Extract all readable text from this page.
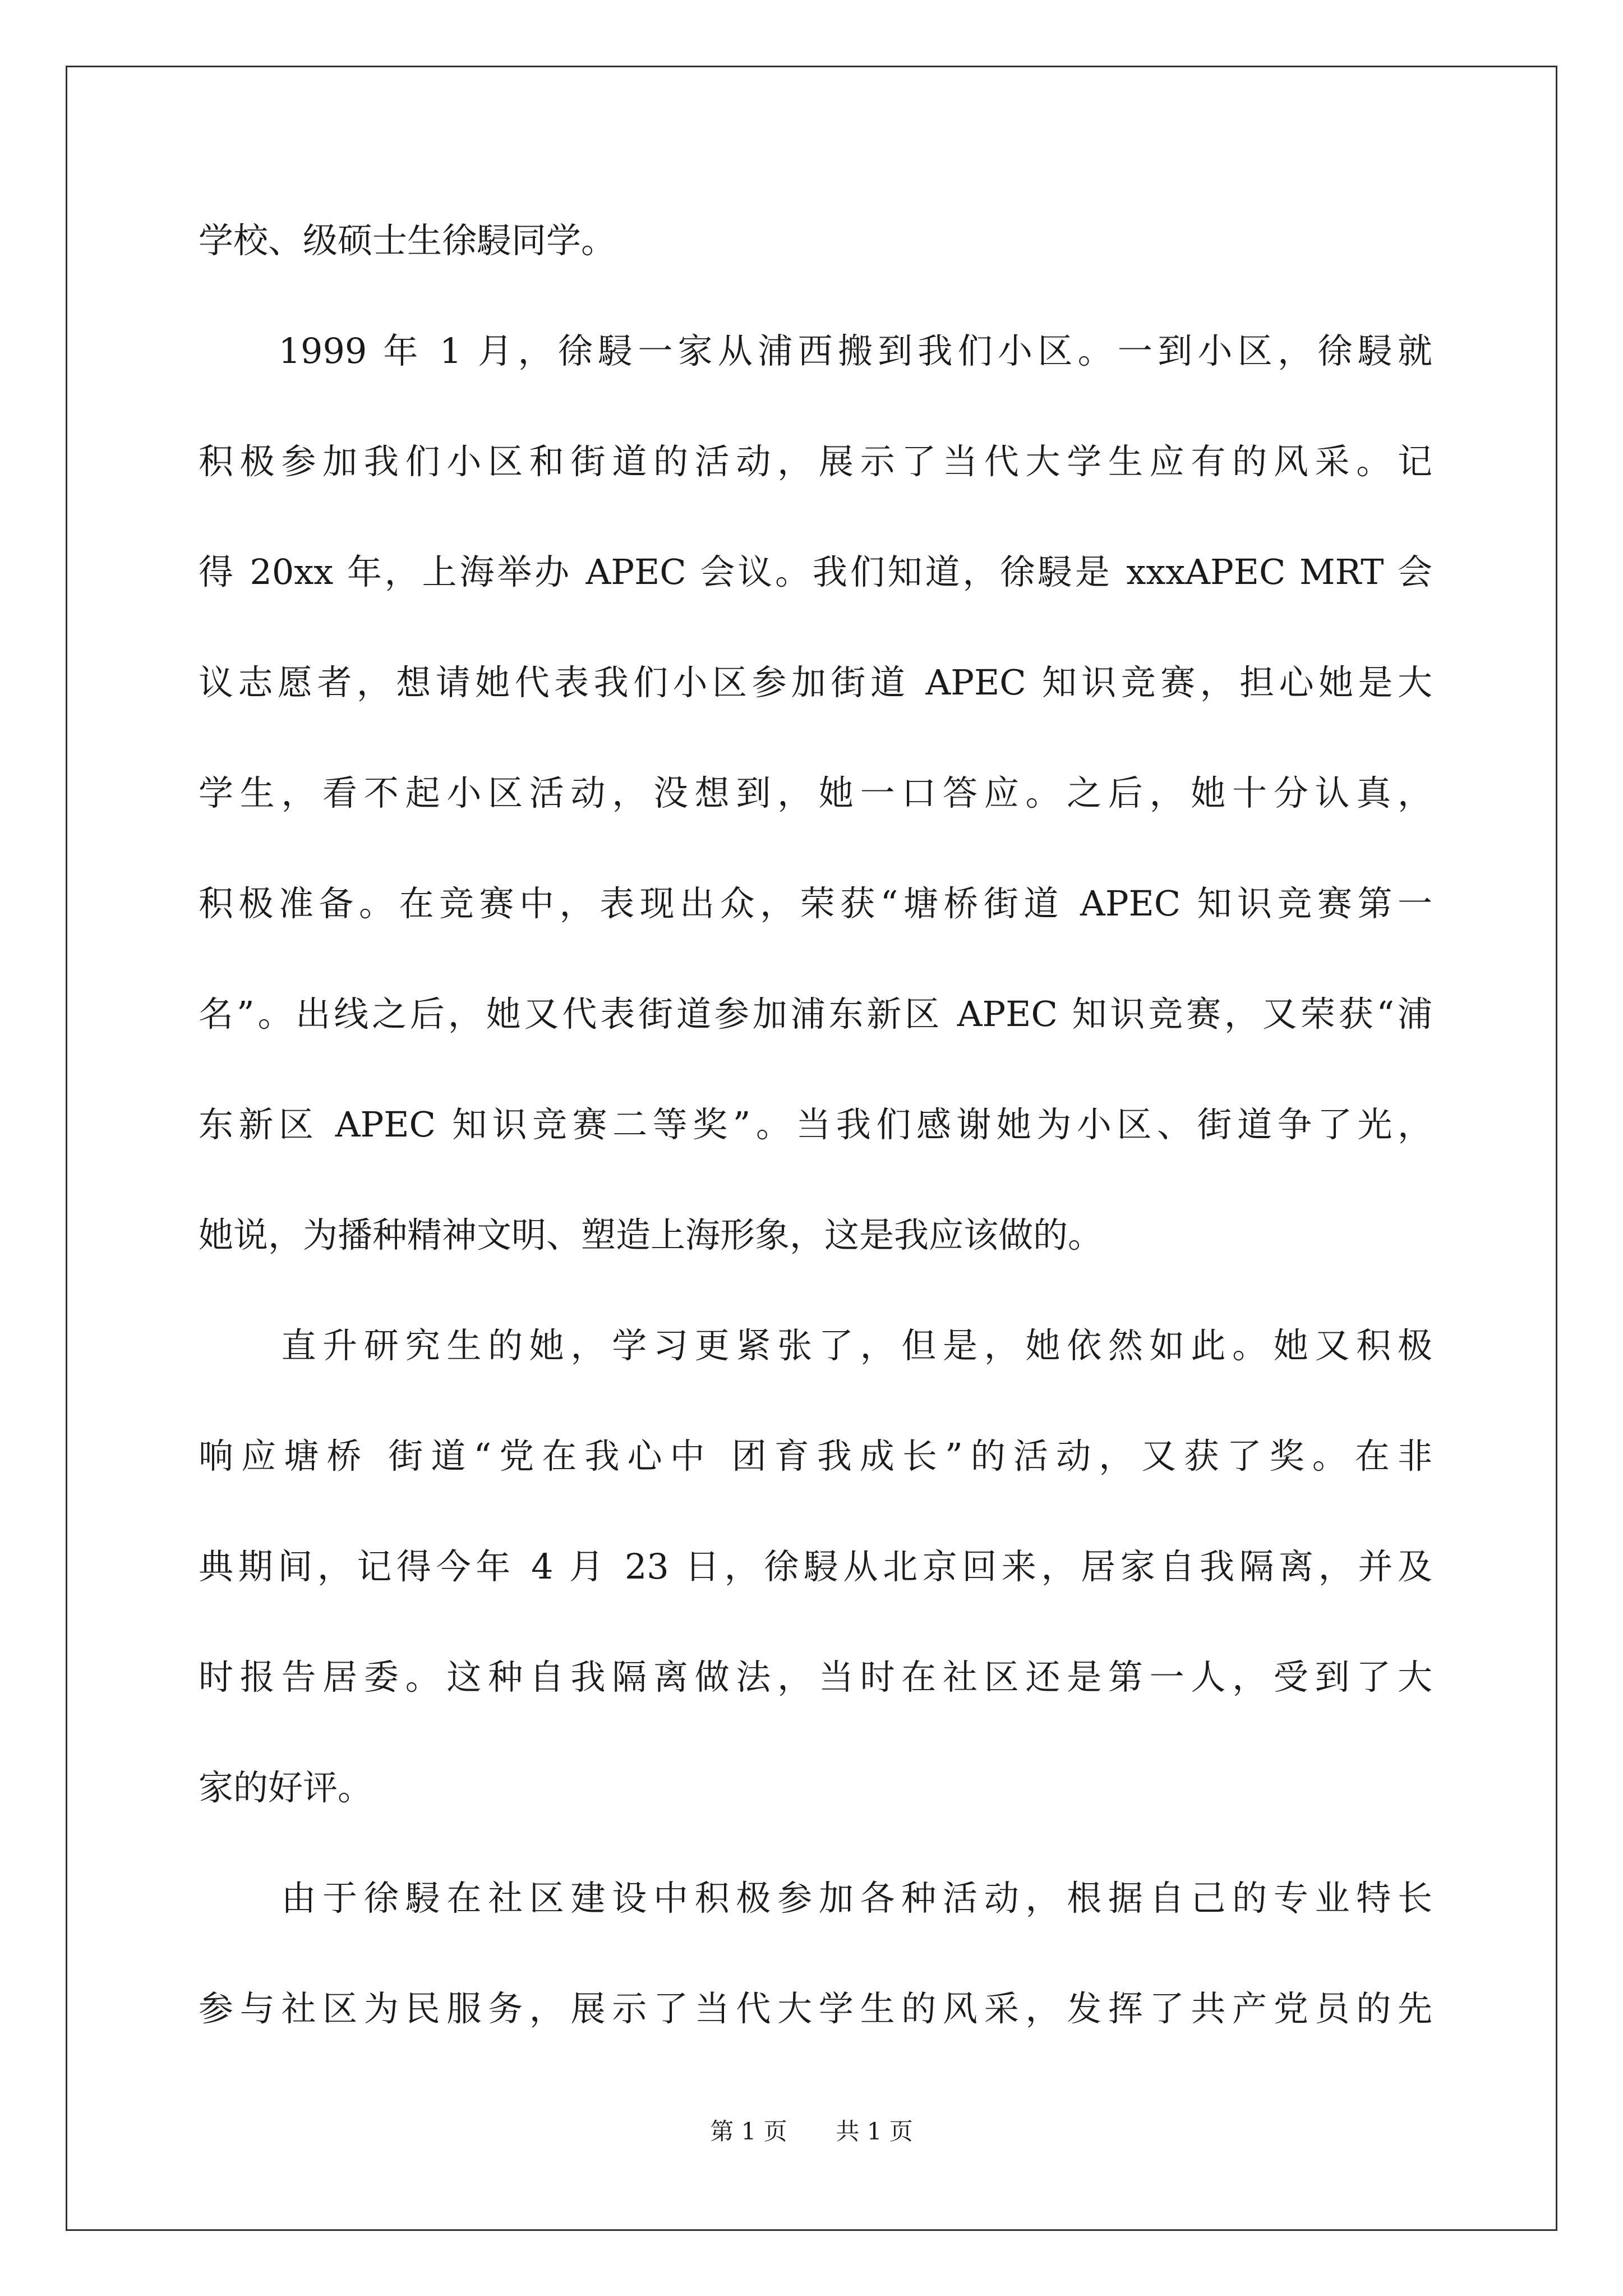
学校、级硕士生徐駸同学。
　　1999 年 1 月，徐駸一家从浦西搬到我们小区。一到小区，徐駸就
积极参加我们小区和街道的活动，展示了当代大学生应有的风采。记
得 20xx 年，上海举办 APEC 会议。我们知道，徐駸是 xxxAPEC MRT 会
议志愿者，想请她代表我们小区参加街道 APEC 知识竞赛，担心她是大
学生，看不起小区活动，没想到，她一口答应。之后，她十分认真，
积极准备。在竞赛中，表现出众，荣获“塘桥街道 APEC 知识竞赛第一
名”。出线之后，她又代表街道参加浦东新区 APEC 知识竞赛，又荣获“浦
东新区 APEC 知识竞赛二等奖”。当我们感谢她为小区、街道争了光，
她说，为播种精神文明、塑造上海形象，这是我应该做的。
　　直升研究生的她，学习更紧张了，但是，她依然如此。她又积极
响应塘桥 街道“党在我心中 团育我成长”的活动，又获了奖。在非
典期间，记得今年 4 月 23 日，徐駸从北京回来，居家自我隔离，并及
时报告居委。这种自我隔离做法，当时在社区还是第一人，受到了大
家的好评。
　　由于徐駸在社区建设中积极参加各种活动，根据自己的专业特长
参与社区为民服务，展示了当代大学生的风采，发挥了共产党员的先
第 1 页 共 1 页
